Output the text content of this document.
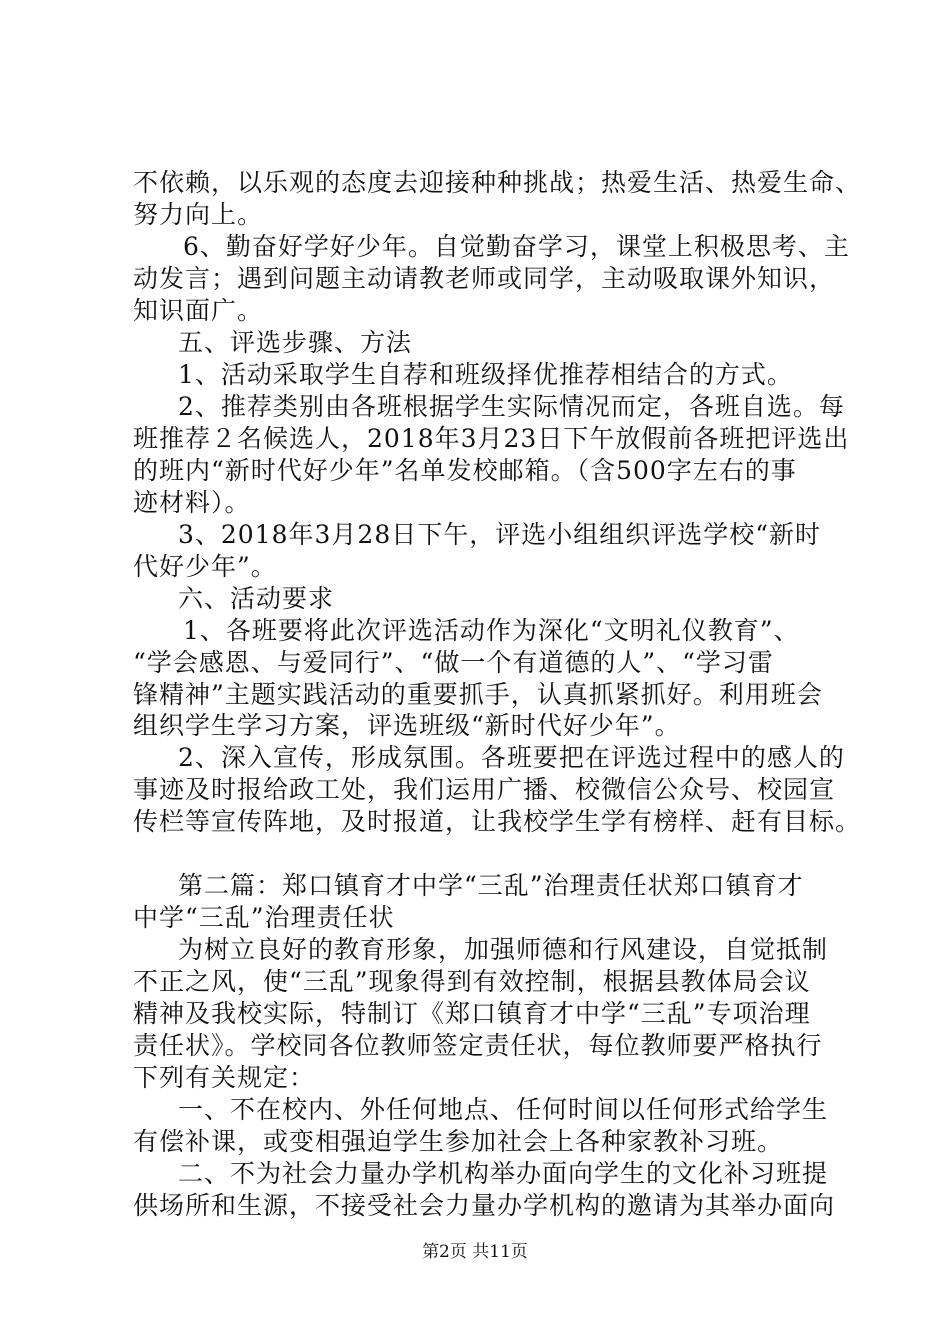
不依赖，以乐观的态度去迎接种种挑战；热爱生活、热爱生命、
努力向上。
6、勤奋好学好少年。自觉勤奋学习，课堂上积极思考、主
动发言；遇到问题主动请教老师或同学，主动吸取课外知识，
知识面广。
五、评选步骤、方法
1、活动采取学生自荐和班级择优推荐相结合的方式。
2、推荐类别由各班根据学生实际情况而定，各班自选。每
班推荐２名候选人，2018年3月23日下午放假前各班把评选出
的班内“新时代好少年”名单发校邮箱。（含500字左右的事
迹材料）。
3、2018年3月28日下午，评选小组组织评选学校“新时
代好少年”。
六、活动要求
1、各班要将此次评选活动作为深化“文明礼仪教育”、
“学会感恩、与爱同行”、“做一个有道德的人”、“学习雷
锋精神”主题实践活动的重要抓手，认真抓紧抓好。利用班会
组织学生学习方案，评选班级“新时代好少年”。
2、深入宣传，形成氛围。各班要把在评选过程中的感人的
事迹及时报给政工处，我们运用广播、校微信公众号、校园宣
传栏等宣传阵地，及时报道，让我校学生学有榜样、赶有目标。
第二篇：郑口镇育才中学“三乱”治理责任状郑口镇育才
中学“三乱”治理责任状
为树立良好的教育形象，加强师德和行风建设，自觉抵制
不正之风，使“三乱”现象得到有效控制，根据县教体局会议
精神及我校实际，特制订《郑口镇育才中学“三乱”专项治理
责任状》。学校同各位教师签定责任状，每位教师要严格执行
下列有关规定：
一、不在校内、外任何地点、任何时间以任何形式给学生
有偿补课，或变相强迫学生参加社会上各种家教补习班。
二、不为社会力量办学机构举办面向学生的文化补习班提
供场所和生源，不接受社会力量办学机构的邀请为其举办面向
第2页 共11页
